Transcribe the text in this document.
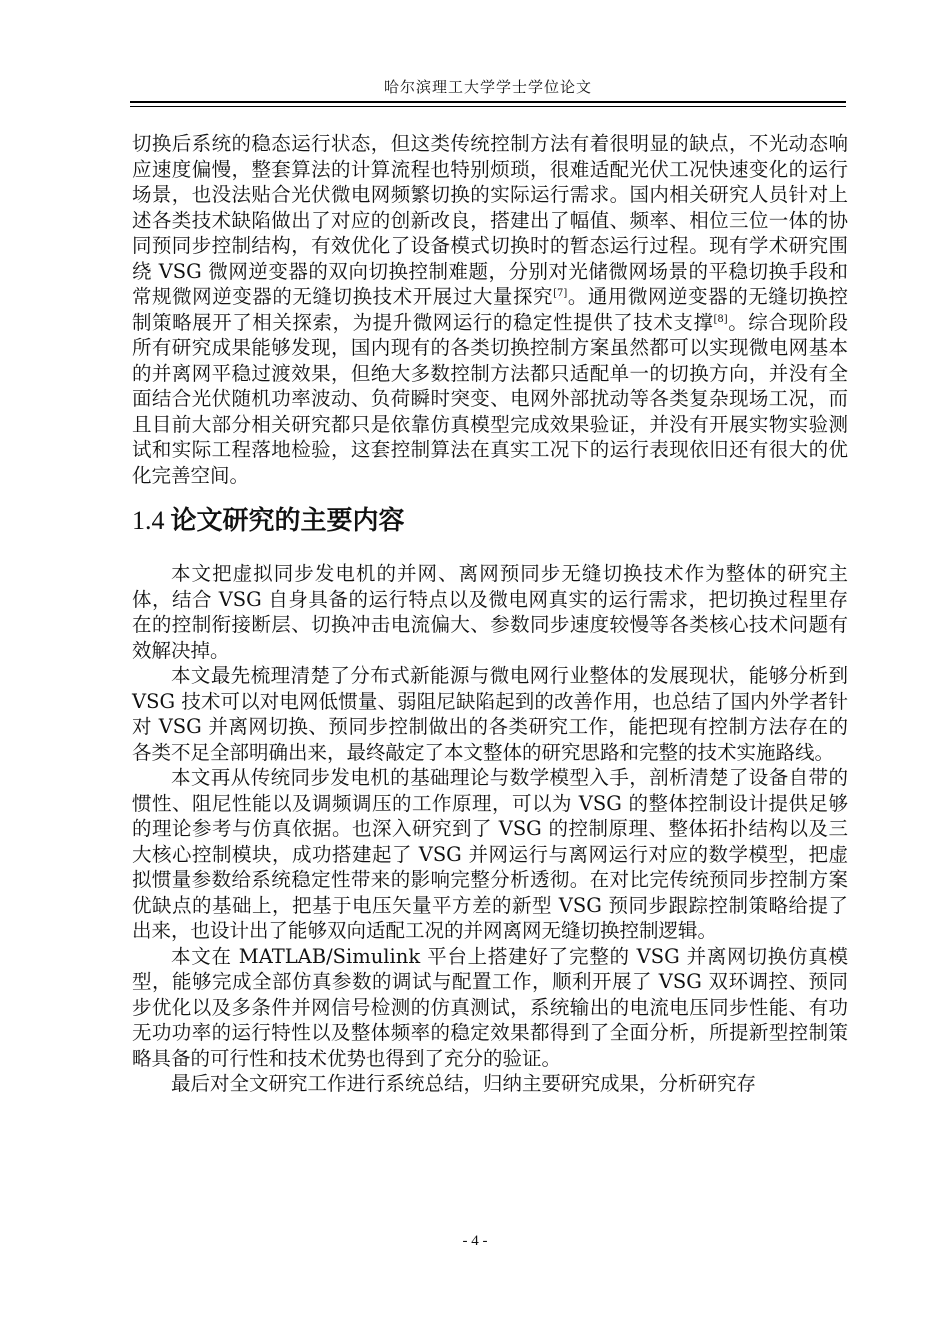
哈尔滨理工大学学士学位论文

切换后系统的稳态运行状态，但这类传统控制方法有着很明显的缺点，不光动态响应速度偏慢，整套算法的计算流程也特别烦琐，很难适配光伏工况快速变化的运行场景，也没法贴合光伏微电网频繁切换的实际运行需求。国内相关研究人员针对上述各类技术缺陷做出了对应的创新改良，搭建出了幅值、频率、相位三位一体的协同预同步控制结构，有效优化了设备模式切换时的暂态运行过程。现有学术研究围绕 VSG 微网逆变器的双向切换控制难题，分别对光储微网场景的平稳切换手段和常规微网逆变器的无缝切换技术开展过大量探究[7]。通用微网逆变器的无缝切换控制策略展开了相关探索，为提升微网运行的稳定性提供了技术支撑[8]。综合现阶段所有研究成果能够发现，国内现有的各类切换控制方案虽然都可以实现微电网基本的并离网平稳过渡效果，但绝大多数控制方法都只适配单一的切换方向，并没有全面结合光伏随机功率波动、负荷瞬时突变、电网外部扰动等各类复杂现场工况，而且目前大部分相关研究都只是依靠仿真模型完成效果验证，并没有开展实物实验测试和实际工程落地检验，这套控制算法在真实工况下的运行表现依旧还有很大的优化完善空间。

1.4 论文研究的主要内容

本文把虚拟同步发电机的并网、离网预同步无缝切换技术作为整体的研究主体，结合 VSG 自身具备的运行特点以及微电网真实的运行需求，把切换过程里存在的控制衔接断层、切换冲击电流偏大、参数同步速度较慢等各类核心技术问题有效解决掉。

本文最先梳理清楚了分布式新能源与微电网行业整体的发展现状，能够分析到 VSG 技术可以对电网低惯量、弱阻尼缺陷起到的改善作用，也总结了国内外学者针对 VSG 并离网切换、预同步控制做出的各类研究工作，能把现有控制方法存在的各类不足全部明确出来，最终敲定了本文整体的研究思路和完整的技术实施路线。

本文再从传统同步发电机的基础理论与数学模型入手，剖析清楚了设备自带的惯性、阻尼性能以及调频调压的工作原理，可以为 VSG 的整体控制设计提供足够的理论参考与仿真依据。也深入研究到了 VSG 的控制原理、整体拓扑结构以及三大核心控制模块，成功搭建起了 VSG 并网运行与离网运行对应的数学模型，把虚拟惯量参数给系统稳定性带来的影响完整分析透彻。在对比完传统预同步控制方案优缺点的基础上，把基于电压矢量平方差的新型 VSG 预同步跟踪控制策略给提了出来，也设计出了能够双向适配工况的并网离网无缝切换控制逻辑。

本文在 MATLAB/Simulink 平台上搭建好了完整的 VSG 并离网切换仿真模型，能够完成全部仿真参数的调试与配置工作，顺利开展了 VSG 双环调控、预同步优化以及多条件并网信号检测的仿真测试，系统输出的电流电压同步性能、有功无功功率的运行特性以及整体频率的稳定效果都得到了全面分析，所提新型控制策略具备的可行性和技术优势也得到了充分的验证。

最后对全文研究工作进行系统总结，归纳主要研究成果，分析研究存

- 4 -
